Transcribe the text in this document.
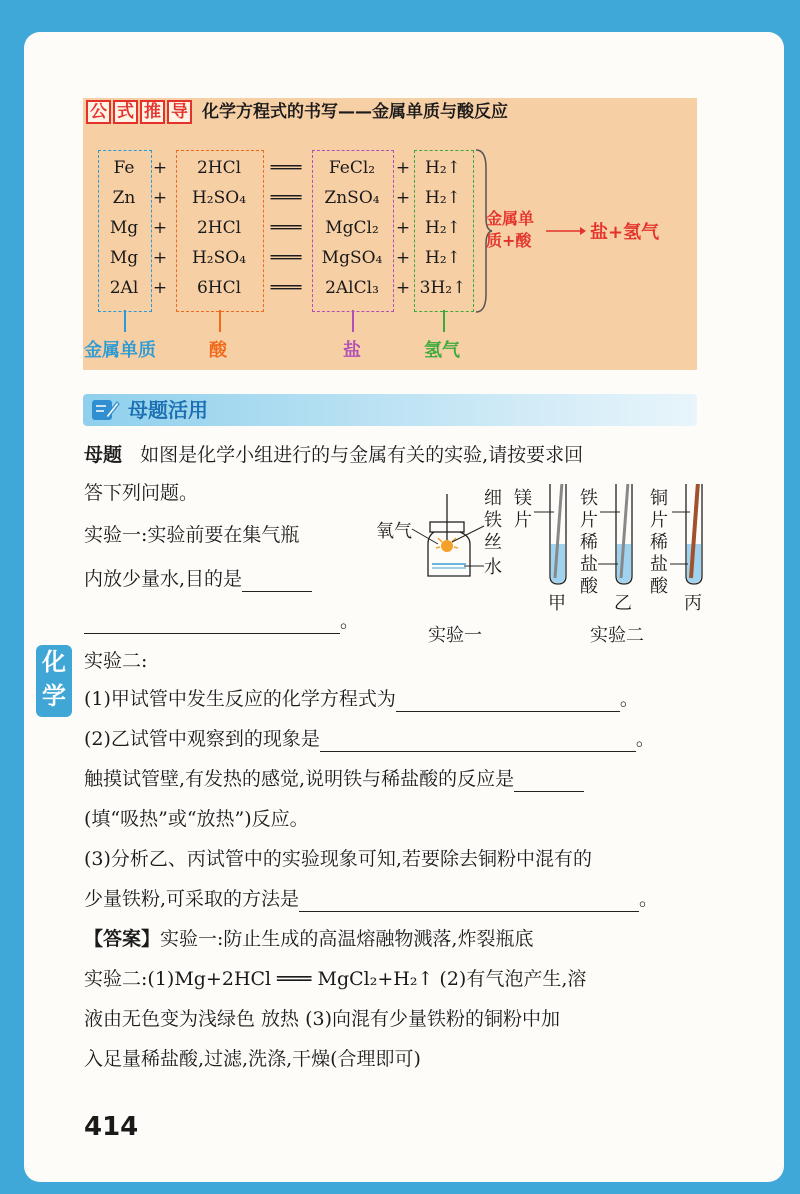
化
学
公 式 推 导 化学方程式的书写——金属单质与酸反应
Fe	+	2HCl	═══	FeCl₂	+ H₂↑
Zn	+	H₂SO₄	═══	ZnSO₄ + H₂↑
Mg +	2HCl	═══	MgCl₂	+ H₂↑
Mg +	H₂SO₄	═══	MgSO₄ + H₂↑
2Al +	6HCl	═══	2AlCl₃ + 3H₂↑
金属单
质+酸	盐+氢气
金属单质	酸	盐	氢气
母题活用
母题 如图是化学小组进行的与金属有关的实验,请按要求回
答下列问题。
实验一:实验前要在集气瓶
内放少量水,目的是
。
氧气
细
铁
丝
水
实验一	实验二
镁
片
铁
片
稀
盐
酸
铜
片
稀
盐
酸
甲	乙	丙
实验二:
(1)甲试管中发生反应的化学方程式为	。
(2)乙试管中观察到的现象是	。
触摸试管壁,有发热的感觉,说明铁与稀盐酸的反应是
(填“吸热”或“放热”)反应。
(3)分析乙、丙试管中的实验现象可知,若要除去铜粉中混有的
少量铁粉,可采取的方法是	。
【答案】实验一:防止生成的高温熔融物溅落,炸裂瓶底
实验二:(1)Mg+2HCl ═══ MgCl₂+H₂↑ (2)有气泡产生,溶
液由无色变为浅绿色 放热 (3)向混有少量铁粉的铜粉中加
入足量稀盐酸,过滤,洗涤,干燥(合理即可)
414
